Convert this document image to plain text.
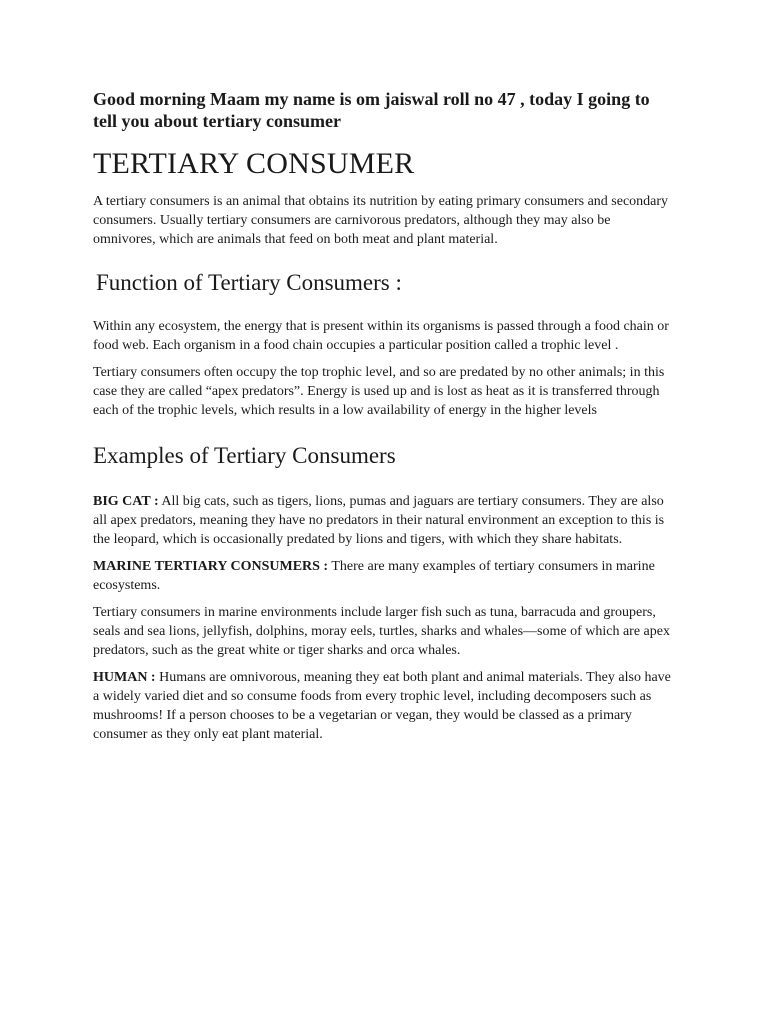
Good morning Maam my name is om jaiswal roll no 47 , today I going to tell you about tertiary consumer

TERTIARY CONSUMER

A tertiary consumers is an animal that obtains its nutrition by eating primary consumers and secondary consumers. Usually tertiary consumers are carnivorous predators, although they may also be omnivores, which are animals that feed on both meat and plant material.

Function of Tertiary Consumers :

Within any ecosystem, the energy that is present within its organisms is passed through a food chain or food web. Each organism in a food chain occupies a particular position called a trophic level .

Tertiary consumers often occupy the top trophic level, and so are predated by no other animals; in this case they are called “apex predators”. Energy is used up and is lost as heat as it is transferred through each of the trophic levels, which results in a low availability of energy in the higher levels

Examples of Tertiary Consumers

BIG CAT : All big cats, such as tigers, lions, pumas and jaguars are tertiary consumers. They are also all apex predators, meaning they have no predators in their natural environment an exception to this is the leopard, which is occasionally predated by lions and tigers, with which they share habitats.

MARINE TERTIARY CONSUMERS : There are many examples of tertiary consumers in marine ecosystems.

Tertiary consumers in marine environments include larger fish such as tuna, barracuda and groupers, seals and sea lions, jellyfish, dolphins, moray eels, turtles, sharks and whales—some of which are apex predators, such as the great white or tiger sharks and orca whales.

HUMAN : Humans are omnivorous, meaning they eat both plant and animal materials. They also have a widely varied diet and so consume foods from every trophic level, including decomposers such as mushrooms! If a person chooses to be a vegetarian or vegan, they would be classed as a primary consumer as they only eat plant material.
